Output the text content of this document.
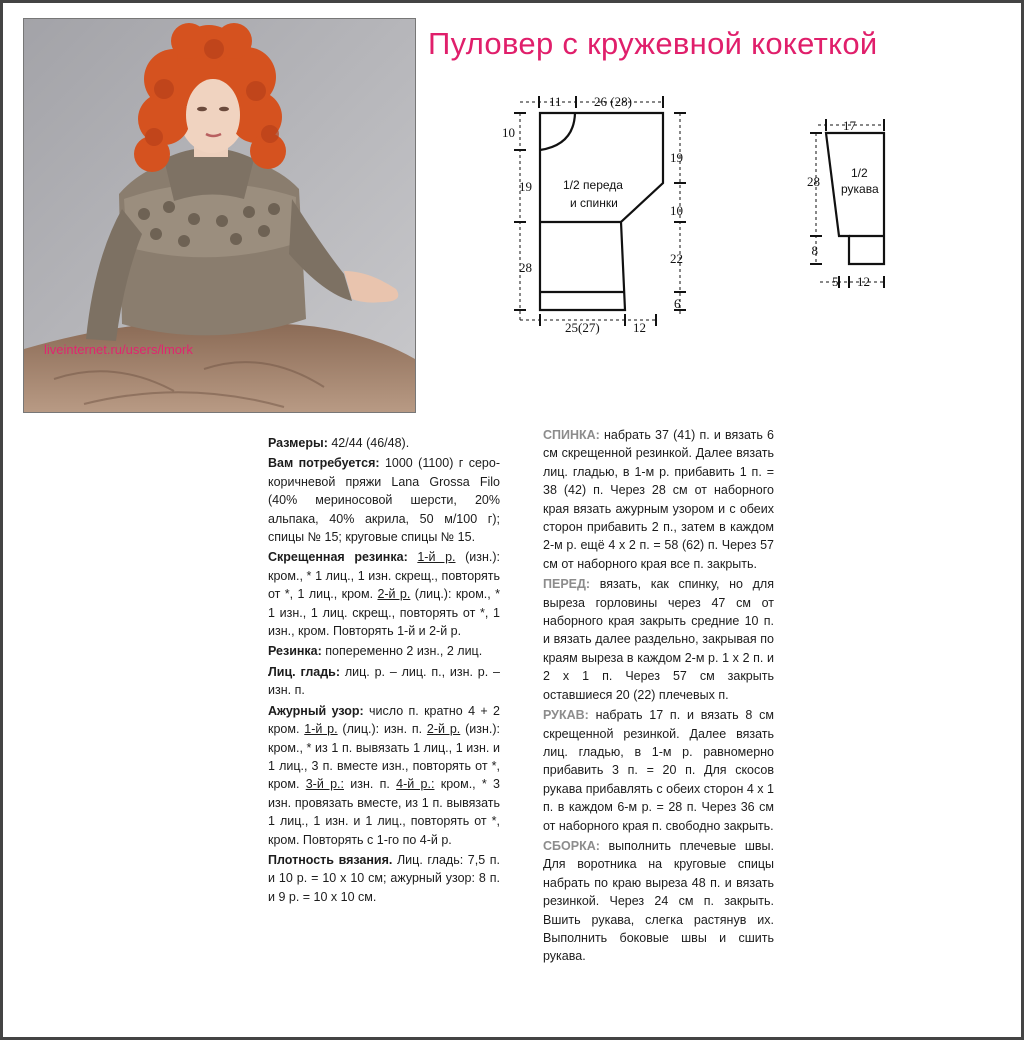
liveinternet.ru/users/lmork
Пуловер с кружевной кокеткой
11 26 (28)
10
19
19
10
28
22
6
25(27)	12
1/2 переда
и спинки
17
28
8
5 12
1/2
рукава

Размеры: 42/44 (46/48).

Вам потребуется: 1000 (1100) г серо-коричневой пряжи Lana Grossa Filo (40% мериносовой шерсти, 20% альпака, 40% акрила, 50 м/100 г); спицы № 15; круговые спицы № 15.

Скрещенная резинка: 1-й р. (изн.): кром., * 1 лиц., 1 изн. скрещ., повторять от *, 1 лиц., кром. 2-й р. (лиц.): кром., * 1 изн., 1 лиц. скрещ., повторять от *, 1 изн., кром. Повторять 1-й и 2-й р.

Резинка: попеременно 2 изн., 2 лиц.

Лиц. гладь: лиц. р. – лиц. п., изн. р. – изн. п.

Ажурный узор: число п. кратно 4 + 2 кром. 1-й р. (лиц.): изн. п. 2-й р. (изн.): кром., * из 1 п. вывязать 1 лиц., 1 изн. и 1 лиц., 3 п. вместе изн., повторять от *, кром. 3-й р.: изн. п. 4-й р.: кром., * 3 изн. провязать вместе, из 1 п. вывязать 1 лиц., 1 изн. и 1 лиц., повторять от *, кром. Повторять с 1-го по 4-й р.

Плотность вязания. Лиц. гладь: 7,5 п. и 10 р. = 10 х 10 см; ажурный узор: 8 п. и 9 р. = 10 х 10 см.

СПИНКА: набрать 37 (41) п. и вязать 6 см скрещенной резинкой. Далее вязать лиц. гладью, в 1-м р. прибавить 1 п. = 38 (42) п. Через 28 см от наборного края вязать ажурным узором и с обеих сторон прибавить 2 п., затем в каждом 2-м р. ещё 4 х 2 п. = 58 (62) п. Через 57 см от наборного края все п. закрыть.

ПЕРЕД: вязать, как спинку, но для выреза горловины через 47 см от наборного края закрыть средние 10 п. и вязать далее раздельно, закрывая по краям выреза в каждом 2-м р. 1 х 2 п. и 2 х 1 п. Через 57 см закрыть оставшиеся 20 (22) плечевых п.

РУКАВ: набрать 17 п. и вязать 8 см скрещенной резинкой. Далее вязать лиц. гладью, в 1-м р. равномерно прибавить 3 п. = 20 п. Для скосов рукава прибавлять с обеих сторон 4 х 1 п. в каждом 6-м р. = 28 п. Через 36 см от наборного края п. свободно закрыть.

СБОРКА: выполнить плечевые швы. Для воротника на круговые спицы набрать по краю выреза 48 п. и вязать резинкой. Через 24 см п. закрыть. Вшить рукава, слегка растянув их. Выполнить боковые швы и сшить рукава.
